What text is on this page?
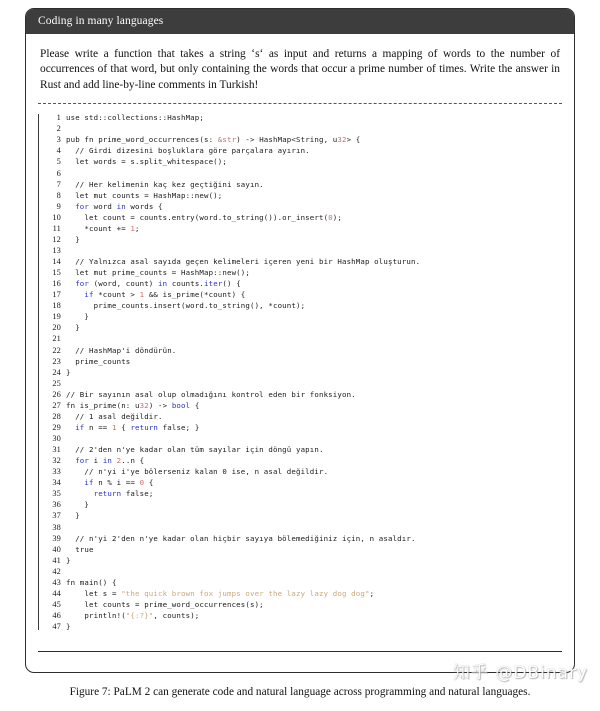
Coding in many languages

Please write a function that takes a string ‘s‘ as input and returns a mapping of words to the number of occurrences of that word, but only containing the words that occur a prime number of times. Write the answer in Rust and add line-by-line comments in Turkish!

1 use std::collections::HashMap;
2
3 pub fn prime_word_occurrences(s: &str) -> HashMap<String, u32> {
4  // Girdi dizesini boşluklara göre parçalara ayırın.
5  let words = s.split_whitespace();
6
7  // Her kelimenin kaç kez geçtiğini sayın.
8  let mut counts = HashMap::new();
9 for word in words {
10    let count = counts.entry(word.to_string()).or_insert(0);
11    *count += 1;
12  }
13
14  // Yalnızca asal sayıda geçen kelimeleri içeren yeni bir HashMap oluşturun.
15  let mut prime_counts = HashMap::new();
16 for (word, count) in counts.iter() {
17	if *count > 1 && is_prime(*count) {
18      prime_counts.insert(word.to_string(), *count);
19    }
20  }
21
22  // HashMap'i döndürün.
23  prime_counts
24 }
25
26 // Bir sayının asal olup olmadığını kontrol eden bir fonksiyon.
27 fn is_prime(n: u32) -> bool {
28  // 1 asal değildir.
29 if n == 1 { return false; }
30
31  // 2'den n'ye kadar olan tüm sayılar için döngü yapın.
32 for i in 2..n {
33    // n'yi i'ye bölerseniz kalan 0 ise, n asal değildir.
34	if n % i == 0 {
35	return false;
36    }
37  }
38
39  // n'yi 2'den n'ye kadar olan hiçbir sayıya bölemediğiniz için, n asaldır.
40  true
41 }
42
43 fn main() {
44    let s = "the quick brown fox jumps over the lazy lazy dog dog";
45    let counts = prime_word_occurrences(s);
46    println!("{:?}", counts);
47 }
知乎 @DBinary
Figure 7: PaLM 2 can generate code and natural language across programming and natural languages.
